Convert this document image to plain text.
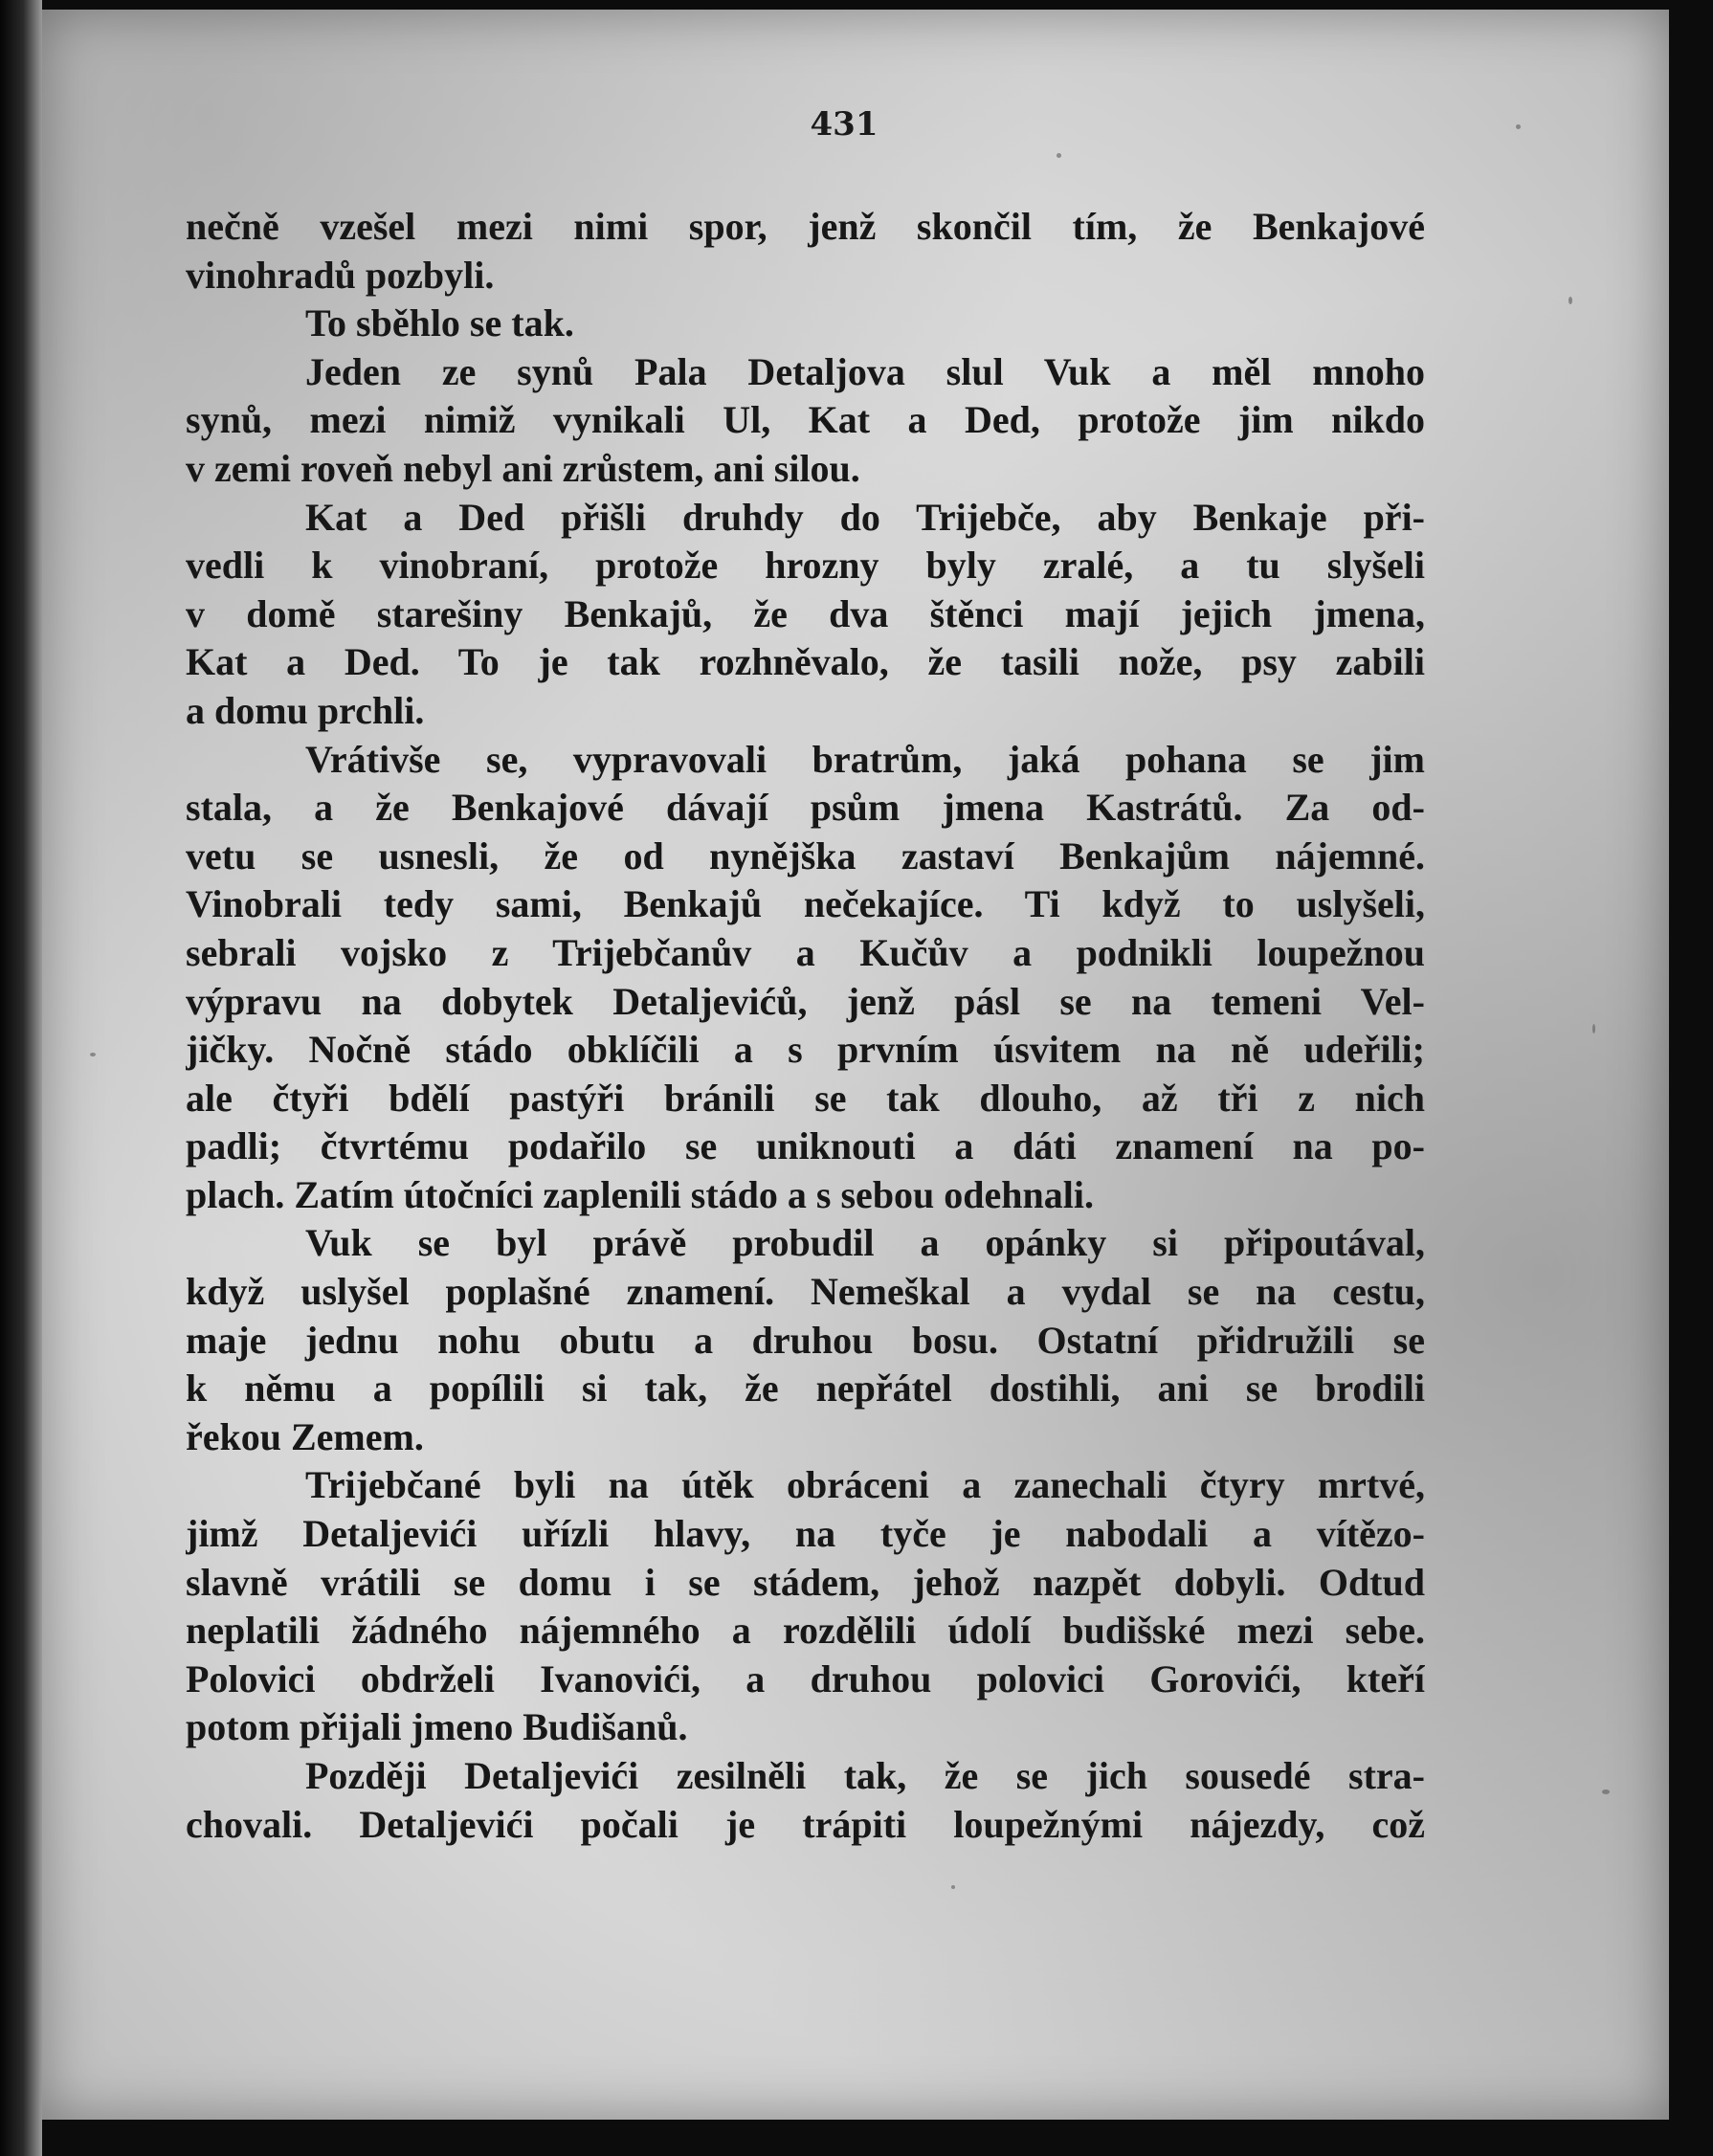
431
nečně vzešel mezi nimi spor, jenž skončil tím, že Benkajové
vinohradů pozbyli.
To sběhlo se tak.
Jeden ze synů Pala Detaljova slul Vuk a měl mnoho
synů, mezi nimiž vynikali Ul, Kat a Ded, protože jim nikdo
v zemi roveň nebyl ani zrůstem, ani silou.
Kat a Ded přišli druhdy do Trijebče, aby Benkaje při-
vedli k vinobraní, protože hrozny byly zralé, a tu slyšeli
v domě starešiny Benkajů, že dva štěnci mají jejich jmena,
Kat a Ded. To je tak rozhněvalo, že tasili nože, psy zabili
a domu prchli.
Vrátivše se, vypravovali bratrům, jaká pohana se jim
stala, a že Benkajové dávají psům jmena Kastrátů. Za od-
vetu se usnesli, že od nynějška zastaví Benkajům nájemné.
Vinobrali tedy sami, Benkajů nečekajíce. Ti když to uslyšeli,
sebrali vojsko z Trijebčanův a Kučův a podnikli loupežnou
výpravu na dobytek Detaljevićů, jenž pásl se na temeni Vel-
jičky. Nočně stádo obklíčili a s prvním úsvitem na ně udeřili;
ale čtyři bdělí pastýři bránili se tak dlouho, až tři z nich
padli; čtvrtému podařilo se uniknouti a dáti znamení na po-
plach. Zatím útočníci zaplenili stádo a s sebou odehnali.
Vuk se byl právě probudil a opánky si připoutával,
když uslyšel poplašné znamení. Nemeškal a vydal se na cestu,
maje jednu nohu obutu a druhou bosu. Ostatní přidružili se
k němu a popílili si tak, že nepřátel dostihli, ani se brodili
řekou Zemem.
Trijebčané byli na útěk obráceni a zanechali čtyry mrtvé,
jimž Detaljevići uřízli hlavy, na tyče je nabodali a vítězo-
slavně vrátili se domu i se stádem, jehož nazpět dobyli. Odtud
neplatili žádného nájemného a rozdělili údolí budišské mezi sebe.
Polovici obdrželi Ivanovići, a druhou polovici Gorovići, kteří
potom přijali jmeno Budišanů.
Později Detaljevići zesilněli tak, že se jich sousedé stra-
chovali. Detaljevići počali je trápiti loupežnými nájezdy, což
